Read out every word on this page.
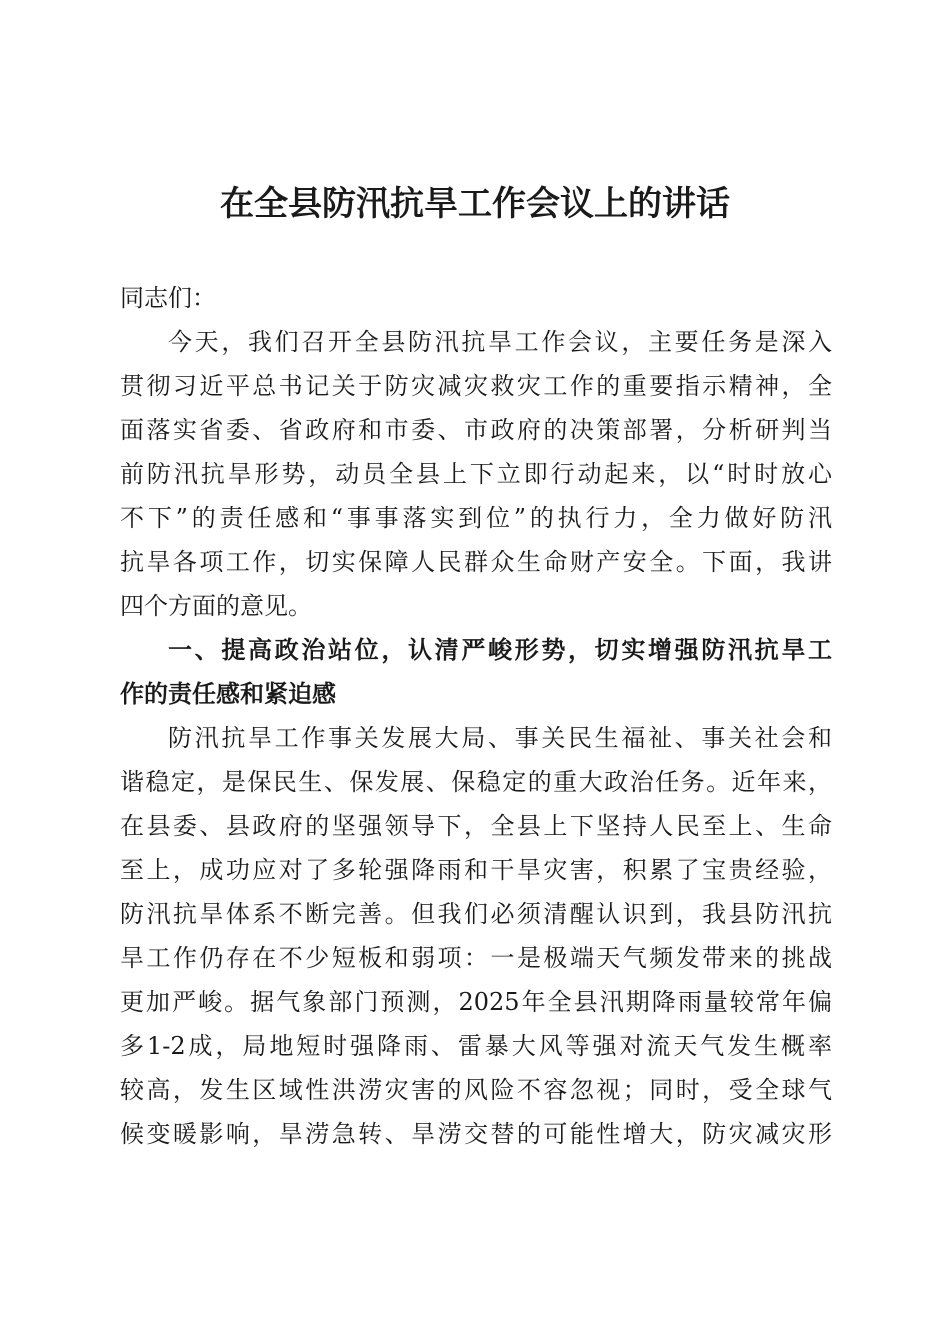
在全县防汛抗旱工作会议上的讲话
同志们：
今天，我们召开全县防汛抗旱工作会议，主要任务是深入
贯彻习近平总书记关于防灾减灾救灾工作的重要指示精神，全
面落实省委、省政府和市委、市政府的决策部署，分析研判当
前防汛抗旱形势，动员全县上下立即行动起来，以“时时放心
不下”的责任感和“事事落实到位”的执行力，全力做好防汛
抗旱各项工作，切实保障人民群众生命财产安全。下面，我讲
四个方面的意见。
一、提高政治站位，认清严峻形势，切实增强防汛抗旱工
作的责任感和紧迫感
防汛抗旱工作事关发展大局、事关民生福祉、事关社会和
谐稳定，是保民生、保发展、保稳定的重大政治任务。近年来，
在县委、县政府的坚强领导下，全县上下坚持人民至上、生命
至上，成功应对了多轮强降雨和干旱灾害，积累了宝贵经验，
防汛抗旱体系不断完善。但我们必须清醒认识到，我县防汛抗
旱工作仍存在不少短板和弱项：一是极端天气频发带来的挑战
更加严峻。据气象部门预测，2025年全县汛期降雨量较常年偏
多1-2成，局地短时强降雨、雷暴大风等强对流天气发生概率
较高，发生区域性洪涝灾害的风险不容忽视；同时，受全球气
候变暖影响，旱涝急转、旱涝交替的可能性增大，防灾减灾形
